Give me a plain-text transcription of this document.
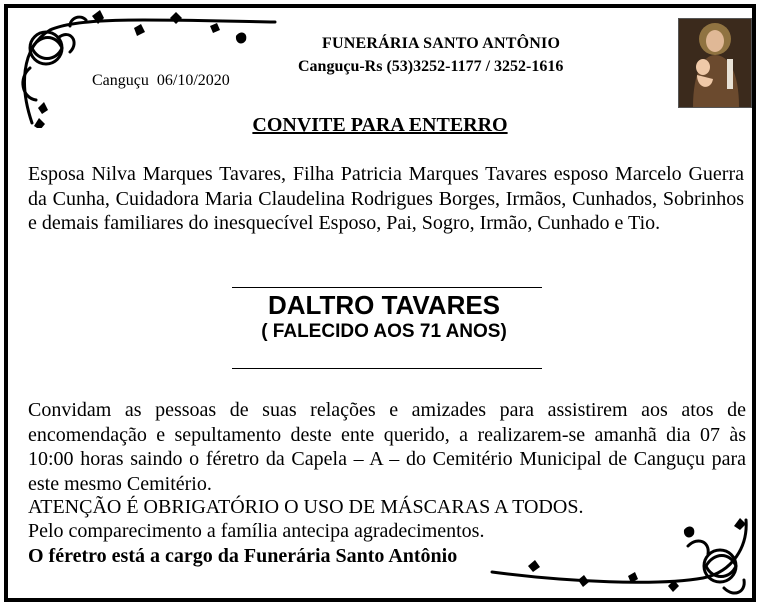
FUNERÁRIA SANTO ANTÔNIO
Canguçu-Rs (53)3252-1177 / 3252-1616
Canguçu  06/10/2020
CONVITE PARA ENTERRO
Esposa Nilva Marques Tavares, Filha Patricia Marques Tavares esposo Marcelo Guerra da Cunha, Cuidadora Maria Claudelina Rodrigues Borges, Irmãos, Cunhados, Sobrinhos e demais familiares do inesquecível Esposo, Pai, Sogro, Irmão, Cunhado e Tio.
DALTRO TAVARES
( FALECIDO AOS 71 ANOS)
Convidam as pessoas de suas relações e amizades para assistirem aos atos de encomendação e sepultamento deste ente querido, a realizarem-se amanhã dia 07 às 10:00 horas saindo o féretro da Capela – A – do Cemitério Municipal de Canguçu para este mesmo Cemitério.
ATENÇÃO É OBRIGATÓRIO O USO DE MÁSCARAS A TODOS.
Pelo comparecimento a família antecipa agradecimentos.
O féretro está a cargo da Funerária Santo Antônio
